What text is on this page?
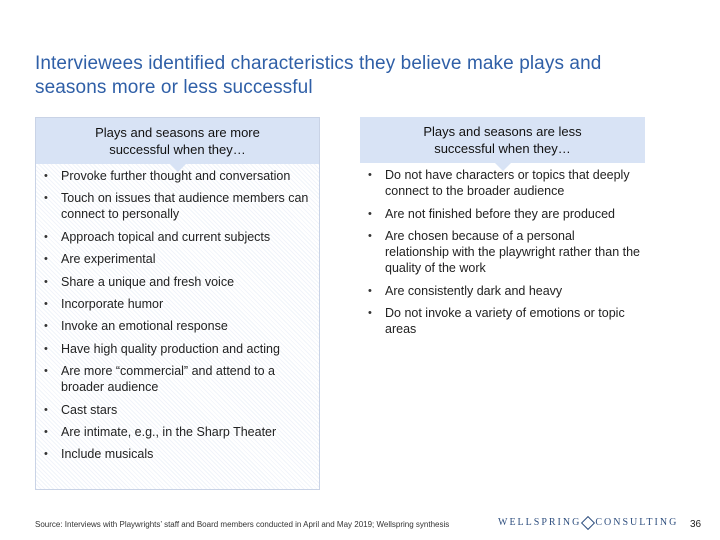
Interviewees identified characteristics they believe make plays and seasons more or less successful
Plays and seasons are more successful when they…
• Provoke further thought and conversation
• Touch on issues that audience members can connect to personally
• Approach topical and current subjects
• Are experimental
• Share a unique and fresh voice
• Incorporate humor
• Invoke an emotional response
• Have high quality production and acting
• Are more “commercial” and attend to a broader audience
• Cast stars
• Are intimate, e.g., in the Sharp Theater
• Include musicals
Plays and seasons are less successful when they…
• Do not have characters or topics that deeply connect to the broader audience
• Are not finished before they are produced
• Are chosen because of a personal relationship with the playwright rather than the quality of the work
• Are consistently dark and heavy
• Do not invoke a variety of emotions or topic areas
Source: Interviews with Playwrights’ staff and Board members conducted in April and May 2019; Wellspring synthesis	WELLSPRING CONSULTING 36
